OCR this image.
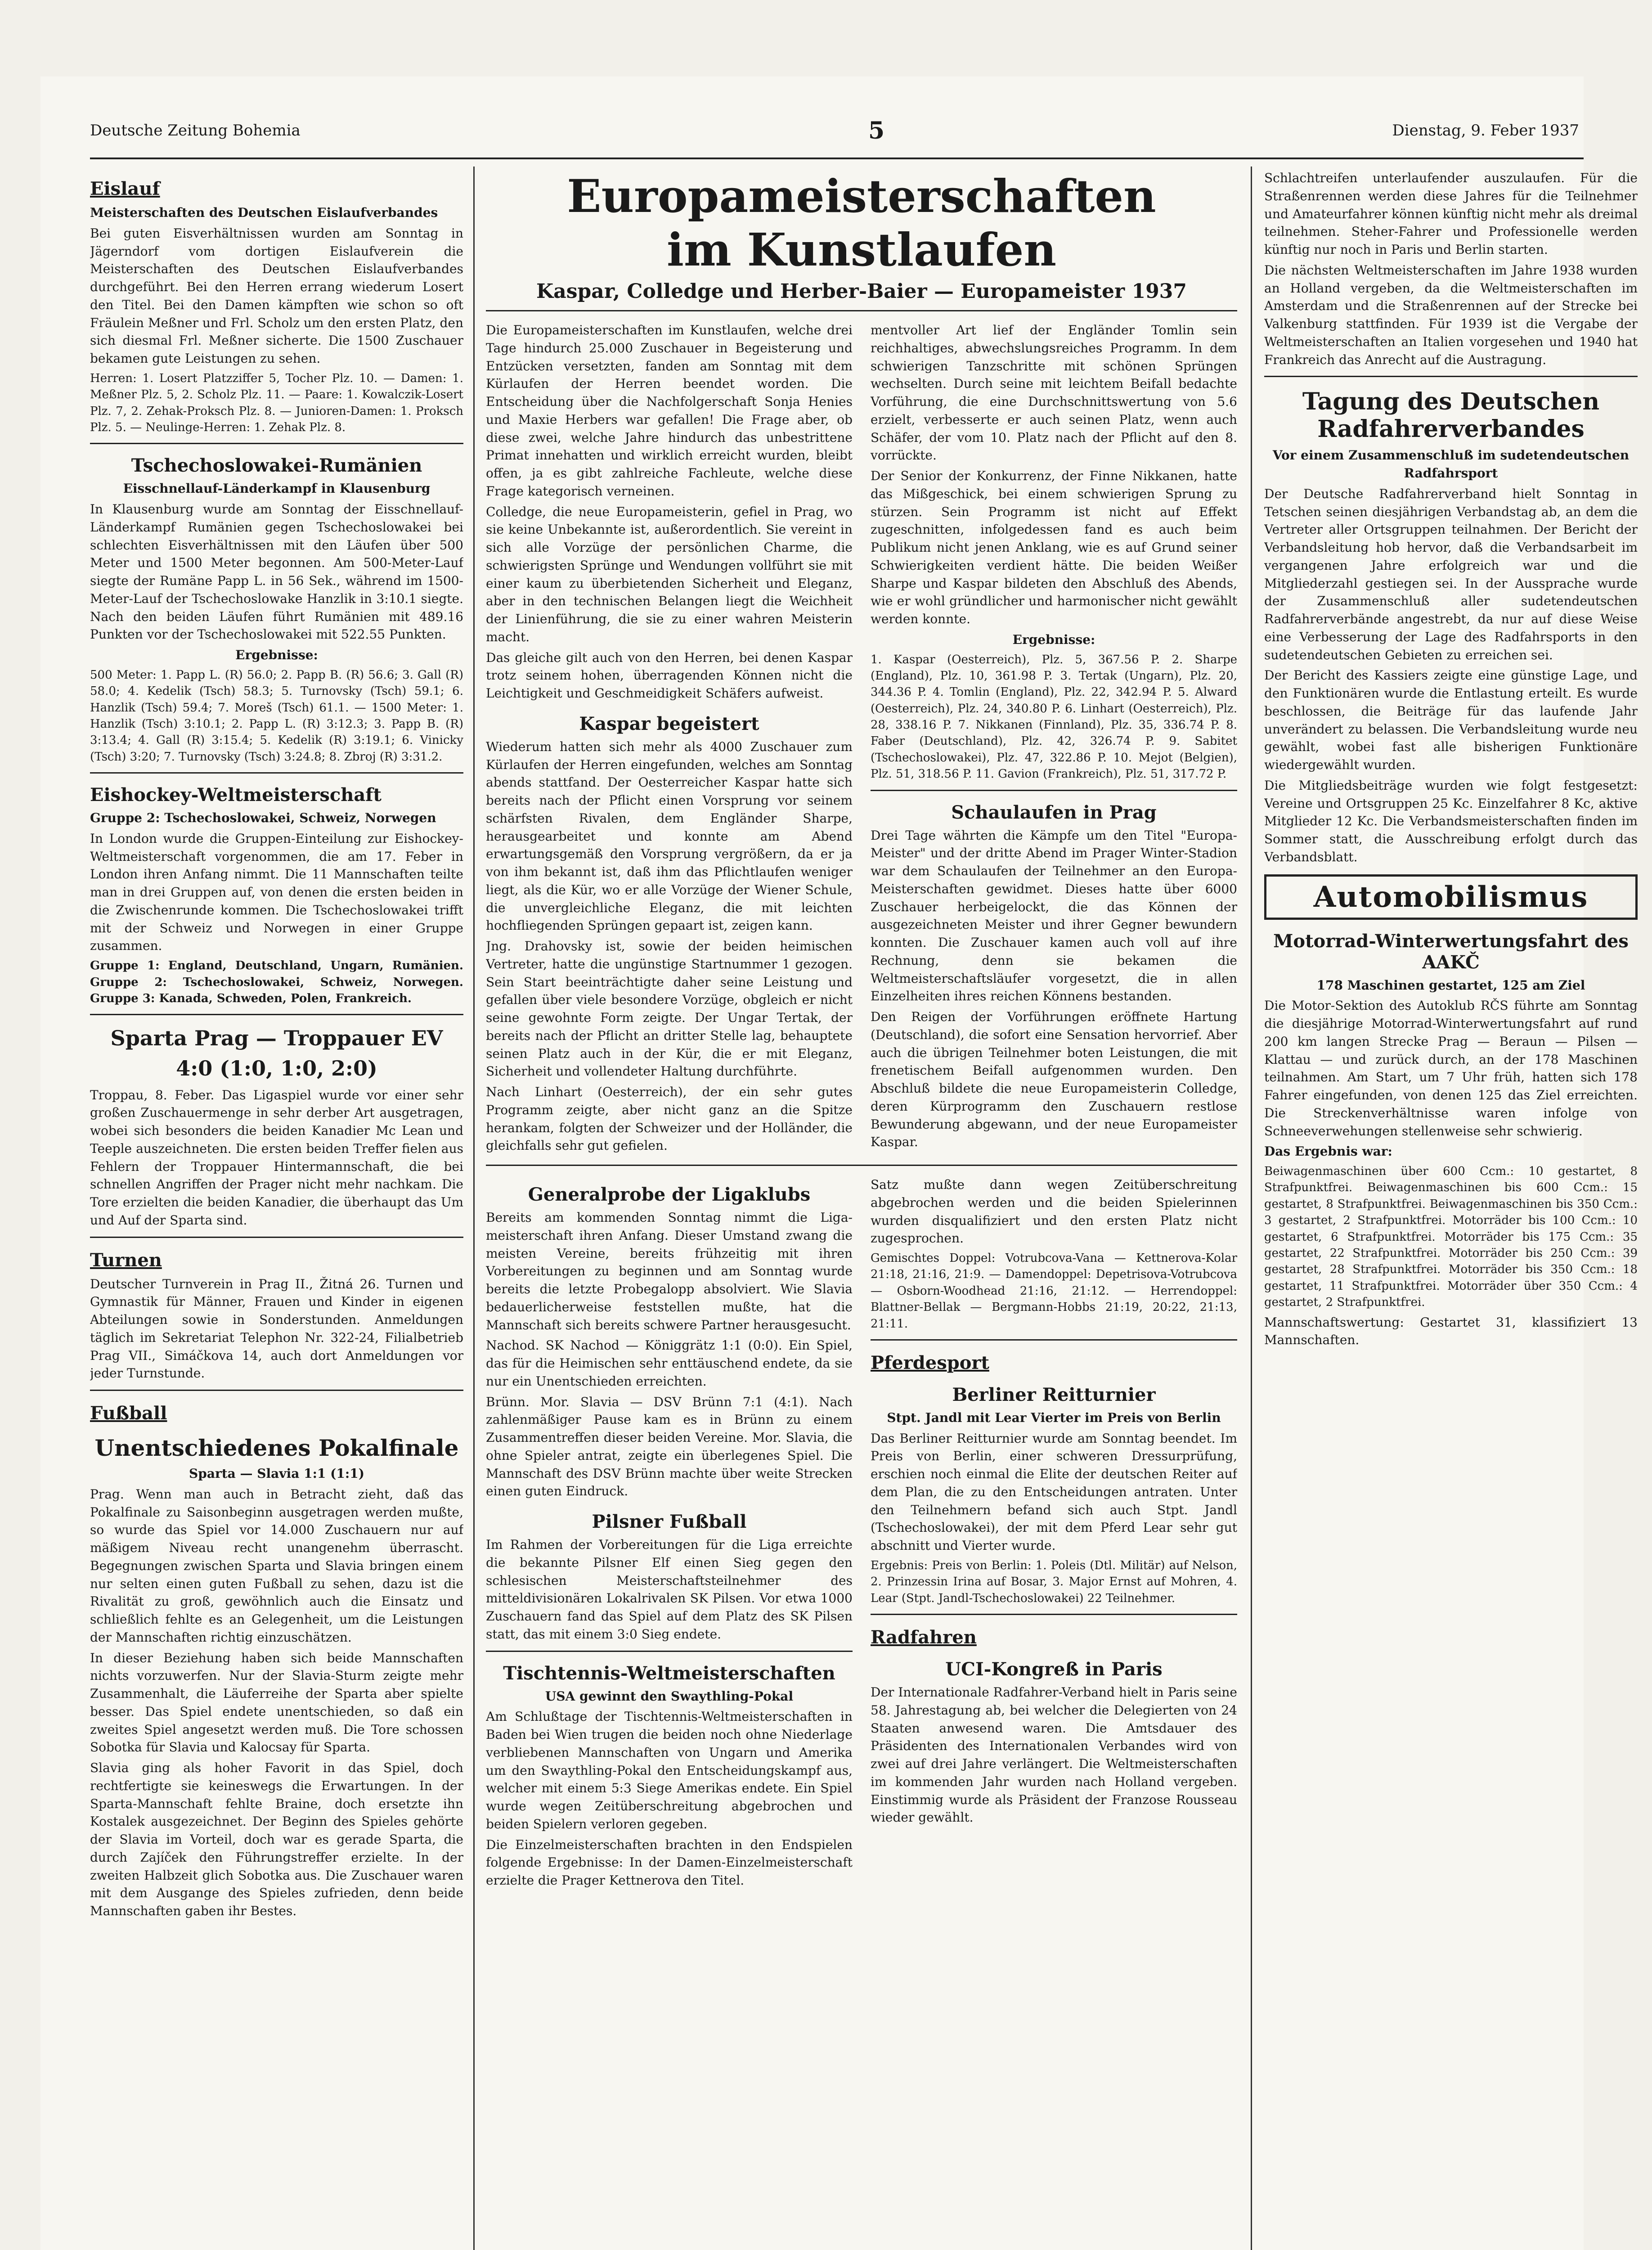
Deutsche Zeitung Bohemia	5	Dienstag, 9. Feber 1937
Eislauf

Meisterschaften des Deutschen Eislaufverbandes

Bei guten Eisverhältnissen wurden am Sonntag in Jägerndorf vom dortigen Eislaufverein die Meisterschaften des Deutschen Eislaufverbandes durchgeführt. Bei den Herren errang wiederum Losert den Titel. Bei den Damen kämpften wie schon so oft Fräulein Meßner und Frl. Scholz um den ersten Platz, den sich diesmal Frl. Meßner sicherte. Die 1500 Zuschauer bekamen gute Leistungen zu sehen.

Herren: 1. Losert Platzziffer 5, Tocher Plz. 10. — Damen: 1. Meßner Plz. 5, 2. Scholz Plz. 11. — Paare: 1. Kowalczik-Losert Plz. 7, 2. Zehak-Proksch Plz. 8. — Junioren-Damen: 1. Proksch Plz. 5. — Neulinge-Herren: 1. Zehak Plz. 8.

Tschechoslowakei-Rumänien

Eisschnellauf-Länderkampf in Klausenburg

In Klausenburg wurde am Sonntag der Eisschnellauf-Länderkampf Rumänien gegen Tschechoslowakei bei schlechten Eisverhältnissen mit den Läufen über 500 Meter und 1500 Meter begonnen. Am 500-Meter-Lauf siegte der Rumäne Papp L. in 56 Sek., während im 1500-Meter-Lauf der Tschechoslowake Hanzlik in 3:10.1 siegte. Nach den beiden Läufen führt Rumänien mit 489.16 Punkten vor der Tschechoslowakei mit 522.55 Punkten.

Ergebnisse:

500 Meter: 1. Papp L. (R) 56.0; 2. Papp B. (R) 56.6; 3. Gall (R) 58.0; 4. Kedelik (Tsch) 58.3; 5. Turnovsky (Tsch) 59.1; 6. Hanzlik (Tsch) 59.4; 7. Moreš (Tsch) 61.1. — 1500 Meter: 1. Hanzlik (Tsch) 3:10.1; 2. Papp L. (R) 3:12.3; 3. Papp B. (R) 3:13.4; 4. Gall (R) 3:15.4; 5. Kedelik (R) 3:19.1; 6. Vinicky (Tsch) 3:20; 7. Turnovsky (Tsch) 3:24.8; 8. Zbroj (R) 3:31.2.

Eishockey-Weltmeisterschaft

Gruppe 2: Tschechoslowakei, Schweiz, Norwegen

In London wurde die Gruppen-Einteilung zur Eishockey-Weltmeisterschaft vorgenommen, die am 17. Feber in London ihren Anfang nimmt. Die 11 Mannschaften teilte man in drei Gruppen auf, von denen die ersten beiden in die Zwischenrunde kommen. Die Tschechoslowakei trifft mit der Schweiz und Norwegen in einer Gruppe zusammen.

Gruppe 1: England, Deutschland, Ungarn, Rumänien. Gruppe 2: Tschechoslowakei, Schweiz, Norwegen. Gruppe 3: Kanada, Schweden, Polen, Frankreich.

Sparta Prag — Troppauer EV

4:0 (1:0, 1:0, 2:0)

Troppau, 8. Feber. Das Ligaspiel wurde vor einer sehr großen Zuschauermenge in sehr derber Art ausgetragen, wobei sich besonders die beiden Kanadier Mc Lean und Teeple auszeichneten. Die ersten beiden Treffer fielen aus Fehlern der Troppauer Hintermannschaft, die bei schnellen Angriffen der Prager nicht mehr nachkam. Die Tore erzielten die beiden Kanadier, die überhaupt das Um und Auf der Sparta sind.

Turnen

Deutscher Turnverein in Prag II., Žitná 26. Turnen und Gymnastik für Männer, Frauen und Kinder in eigenen Abteilungen sowie in Sonderstunden. Anmeldungen täglich im Sekretariat Telephon Nr. 322-24, Filialbetrieb Prag VII., Simáčkova 14, auch dort Anmeldungen vor jeder Turnstunde.

Fußball
Unentschiedenes Pokalfinale

Sparta — Slavia 1:1 (1:1)

Prag. Wenn man auch in Betracht zieht, daß das Pokalfinale zu Saisonbeginn ausgetragen werden mußte, so wurde das Spiel vor 14.000 Zuschauern nur auf mäßigem Niveau recht unangenehm überrascht. Begegnungen zwischen Sparta und Slavia bringen einem nur selten einen guten Fußball zu sehen, dazu ist die Rivalität zu groß, gewöhnlich auch die Einsatz und schließlich fehlte es an Gelegenheit, um die Leistungen der Mannschaften richtig einzuschätzen.

In dieser Beziehung haben sich beide Mannschaften nichts vorzuwerfen. Nur der Slavia-Sturm zeigte mehr Zusammenhalt, die Läuferreihe der Sparta aber spielte besser. Das Spiel endete unentschieden, so daß ein zweites Spiel angesetzt werden muß. Die Tore schossen Sobotka für Slavia und Kalocsay für Sparta.

Slavia ging als hoher Favorit in das Spiel, doch rechtfertigte sie keineswegs die Erwartungen. In der Sparta-Mannschaft fehlte Braine, doch ersetzte ihn Kostalek ausgezeichnet. Der Beginn des Spieles gehörte der Slavia im Vorteil, doch war es gerade Sparta, die durch Zajíček den Führungstreffer erzielte. In der zweiten Halbzeit glich Sobotka aus. Die Zuschauer waren mit dem Ausgange des Spieles zufrieden, denn beide Mannschaften gaben ihr Bestes.

Europameisterschaften
im Kunstlaufen
Kaspar, Colledge und Herber-Baier — Europameister 1937

Die Europameisterschaften im Kunstlaufen, welche drei Tage hindurch 25.000 Zuschauer in Begeisterung und Entzücken versetzten, fanden am Sonntag mit dem Kürlaufen der Herren beendet worden. Die Entscheidung über die Nachfolgerschaft Sonja Henies und Maxie Herbers war gefallen! Die Frage aber, ob diese zwei, welche Jahre hindurch das unbestrittene Primat innehatten und wirklich erreicht wurden, bleibt offen, ja es gibt zahlreiche Fachleute, welche diese Frage kategorisch verneinen.

Colledge, die neue Europameisterin, gefiel in Prag, wo sie keine Unbekannte ist, außerordentlich. Sie vereint in sich alle Vorzüge der persönlichen Charme, die schwierigsten Sprünge und Wendungen vollführt sie mit einer kaum zu überbietenden Sicherheit und Eleganz, aber in den technischen Belangen liegt die Weichheit der Linienführung, die sie zu einer wahren Meisterin macht.

Das gleiche gilt auch von den Herren, bei denen Kaspar trotz seinem hohen, überragenden Können nicht die Leichtigkeit und Geschmeidigkeit Schäfers aufweist.

Kaspar begeistert

Wiederum hatten sich mehr als 4000 Zuschauer zum Kürlaufen der Herren eingefunden, welches am Sonntag abends stattfand. Der Oesterreicher Kaspar hatte sich bereits nach der Pflicht einen Vorsprung vor seinem schärfsten Rivalen, dem Engländer Sharpe, herausgearbeitet und konnte am Abend erwartungsgemäß den Vorsprung vergrößern, da er ja von ihm bekannt ist, daß ihm das Pflichtlaufen weniger liegt, als die Kür, wo er alle Vorzüge der Wiener Schule, die unvergleichliche Eleganz, die mit leichten hochfliegenden Sprüngen gepaart ist, zeigen kann.

Jng. Drahovsky ist, sowie der beiden heimischen Vertreter, hatte die ungünstige Startnummer 1 gezogen. Sein Start beeinträchtigte daher seine Leistung und gefallen über viele besondere Vorzüge, obgleich er nicht seine gewohnte Form zeigte. Der Ungar Tertak, der bereits nach der Pflicht an dritter Stelle lag, behauptete seinen Platz auch in der Kür, die er mit Eleganz, Sicherheit und vollendeter Haltung durchführte.

Nach Linhart (Oesterreich), der ein sehr gutes Programm zeigte, aber nicht ganz an die Spitze herankam, folgten der Schweizer und der Holländer, die gleichfalls sehr gut gefielen.

mentvoller Art lief der Engländer Tomlin sein reichhaltiges, abwechslungsreiches Programm. In dem schwierigen Tanzschritte mit schönen Sprüngen wechselten. Durch seine mit leichtem Beifall bedachte Vorführung, die eine Durchschnittswertung von 5.6 erzielt, verbesserte er auch seinen Platz, wenn auch Schäfer, der vom 10. Platz nach der Pflicht auf den 8. vorrückte.

Der Senior der Konkurrenz, der Finne Nikkanen, hatte das Mißgeschick, bei einem schwierigen Sprung zu stürzen. Sein Programm ist nicht auf Effekt zugeschnitten, infolgedessen fand es auch beim Publikum nicht jenen Anklang, wie es auf Grund seiner Schwierigkeiten verdient hätte. Die beiden Weißer Sharpe und Kaspar bildeten den Abschluß des Abends, wie er wohl gründlicher und harmonischer nicht gewählt werden konnte.

Ergebnisse:

1. Kaspar (Oesterreich), Plz. 5, 367.56 P. 2. Sharpe (England), Plz. 10, 361.98 P. 3. Tertak (Ungarn), Plz. 20, 344.36 P. 4. Tomlin (England), Plz. 22, 342.94 P. 5. Alward (Oesterreich), Plz. 24, 340.80 P. 6. Linhart (Oesterreich), Plz. 28, 338.16 P. 7. Nikkanen (Finnland), Plz. 35, 336.74 P. 8. Faber (Deutschland), Plz. 42, 326.74 P. 9. Sabitet (Tschechoslowakei), Plz. 47, 322.86 P. 10. Mejot (Belgien), Plz. 51, 318.56 P. 11. Gavion (Frankreich), Plz. 51, 317.72 P.

Schaulaufen in Prag

Drei Tage währten die Kämpfe um den Titel "Europa-Meister" und der dritte Abend im Prager Winter-Stadion war dem Schaulaufen der Teilnehmer an den Europa-Meisterschaften gewidmet. Dieses hatte über 6000 Zuschauer herbeigelockt, die das Können der ausgezeichneten Meister und ihrer Gegner bewundern konnten. Die Zuschauer kamen auch voll auf ihre Rechnung, denn sie bekamen die Weltmeisterschaftsläufer vorgesetzt, die in allen Einzelheiten ihres reichen Könnens bestanden.

Den Reigen der Vorführungen eröffnete Hartung (Deutschland), die sofort eine Sensation hervorrief. Aber auch die übrigen Teilnehmer boten Leistungen, die mit frenetischem Beifall aufgenommen wurden. Den Abschluß bildete die neue Europameisterin Colledge, deren Kürprogramm den Zuschauern restlose Bewunderung abgewann, und der neue Europameister Kaspar.

Generalprobe der Ligaklubs

Bereits am kommenden Sonntag nimmt die Liga-meisterschaft ihren Anfang. Dieser Umstand zwang die meisten Vereine, bereits frühzeitig mit ihren Vorbereitungen zu beginnen und am Sonntag wurde bereits die letzte Probegalopp absolviert. Wie Slavia bedauerlicherweise feststellen mußte, hat die Mannschaft sich bereits schwere Partner herausgesucht.

Nachod. SK Nachod — Königgrätz 1:1 (0:0). Ein Spiel, das für die Heimischen sehr enttäuschend endete, da sie nur ein Unentschieden erreichten.

Brünn. Mor. Slavia — DSV Brünn 7:1 (4:1). Nach zahlenmäßiger Pause kam es in Brünn zu einem Zusammentreffen dieser beiden Vereine. Mor. Slavia, die ohne Spieler antrat, zeigte ein überlegenes Spiel. Die Mannschaft des DSV Brünn machte über weite Strecken einen guten Eindruck.

Pilsner Fußball

Im Rahmen der Vorbereitungen für die Liga erreichte die bekannte Pilsner Elf einen Sieg gegen den schlesischen Meisterschaftsteilnehmer des mitteldivisionären Lokalrivalen SK Pilsen. Vor etwa 1000 Zuschauern fand das Spiel auf dem Platz des SK Pilsen statt, das mit einem 3:0 Sieg endete.

Tischtennis-Weltmeisterschaften

USA gewinnt den Swaythling-Pokal

Am Schlußtage der Tischtennis-Weltmeisterschaften in Baden bei Wien trugen die beiden noch ohne Niederlage verbliebenen Mannschaften von Ungarn und Amerika um den Swaythling-Pokal den Entscheidungskampf aus, welcher mit einem 5:3 Siege Amerikas endete. Ein Spiel wurde wegen Zeitüberschreitung abgebrochen und beiden Spielern verloren gegeben.

Die Einzelmeisterschaften brachten in den Endspielen folgende Ergebnisse: In der Damen-Einzelmeisterschaft erzielte die Prager Kettnerova den Titel.

Satz mußte dann wegen Zeitüberschreitung abgebrochen werden und die beiden Spielerinnen wurden disqualifiziert und den ersten Platz nicht zugesprochen.

Gemischtes Doppel: Votrubcova-Vana — Kettnerova-Kolar 21:18, 21:16, 21:9. — Damendoppel: Depetrisova-Votrubcova — Osborn-Woodhead 21:16, 21:12. — Herrendoppel: Blattner-Bellak — Bergmann-Hobbs 21:19, 20:22, 21:13, 21:11.

Pferdesport
Berliner Reitturnier

Stpt. Jandl mit Lear Vierter im Preis von Berlin

Das Berliner Reitturnier wurde am Sonntag beendet. Im Preis von Berlin, einer schweren Dressurprüfung, erschien noch einmal die Elite der deutschen Reiter auf dem Plan, die zu den Entscheidungen antraten. Unter den Teilnehmern befand sich auch Stpt. Jandl (Tschechoslowakei), der mit dem Pferd Lear sehr gut abschnitt und Vierter wurde.

Ergebnis: Preis von Berlin: 1. Poleis (Dtl. Militär) auf Nelson, 2. Prinzessin Irina auf Bosar, 3. Major Ernst auf Mohren, 4. Lear (Stpt. Jandl-Tschechoslowakei) 22 Teilnehmer.

Radfahren
UCI-Kongreß in Paris

Der Internationale Radfahrer-Verband hielt in Paris seine 58. Jahrestagung ab, bei welcher die Delegierten von 24 Staaten anwesend waren. Die Amtsdauer des Präsidenten des Internationalen Verbandes wird von zwei auf drei Jahre verlängert. Die Weltmeisterschaften im kommenden Jahr wurden nach Holland vergeben. Einstimmig wurde als Präsident der Franzose Rousseau wieder gewählt.

Schlachtreifen unterlaufender auszulaufen. Für die Straßenrennen werden diese Jahres für die Teilnehmer und Amateurfahrer können künftig nicht mehr als dreimal teilnehmen. Steher-Fahrer und Professionelle werden künftig nur noch in Paris und Berlin starten.

Die nächsten Weltmeisterschaften im Jahre 1938 wurden an Holland vergeben, da die Weltmeisterschaften im Amsterdam und die Straßenrennen auf der Strecke bei Valkenburg stattfinden. Für 1939 ist die Vergabe der Weltmeisterschaften an Italien vorgesehen und 1940 hat Frankreich das Anrecht auf die Austragung.

Tagung des Deutschen
Radfahrerverbandes

Vor einem Zusammenschluß im sudetendeutschen Radfahrsport

Der Deutsche Radfahrerverband hielt Sonntag in Tetschen seinen diesjährigen Verbandstag ab, an dem die Vertreter aller Ortsgruppen teilnahmen. Der Bericht der Verbandsleitung hob hervor, daß die Verbandsarbeit im vergangenen Jahre erfolgreich war und die Mitgliederzahl gestiegen sei. In der Aussprache wurde der Zusammenschluß aller sudetendeutschen Radfahrerverbände angestrebt, da nur auf diese Weise eine Verbesserung der Lage des Radfahrsports in den sudetendeutschen Gebieten zu erreichen sei.

Der Bericht des Kassiers zeigte eine günstige Lage, und den Funktionären wurde die Entlastung erteilt. Es wurde beschlossen, die Beiträge für das laufende Jahr unverändert zu belassen. Die Verbandsleitung wurde neu gewählt, wobei fast alle bisherigen Funktionäre wiedergewählt wurden.

Die Mitgliedsbeiträge wurden wie folgt festgesetzt: Vereine und Ortsgruppen 25 Kc. Einzelfahrer 8 Kc, aktive Mitglieder 12 Kc. Die Verbandsmeisterschaften finden im Sommer statt, die Ausschreibung erfolgt durch das Verbandsblatt.

Automobilismus
Motorrad-Winterwertungsfahrt des AAKČ

178 Maschinen gestartet, 125 am Ziel

Die Motor-Sektion des Autoklub RČS führte am Sonntag die diesjährige Motorrad-Winterwertungsfahrt auf rund 200 km langen Strecke Prag — Beraun — Pilsen — Klattau — und zurück durch, an der 178 Maschinen teilnahmen. Am Start, um 7 Uhr früh, hatten sich 178 Fahrer eingefunden, von denen 125 das Ziel erreichten. Die Streckenverhältnisse waren infolge von Schneeverwehungen stellenweise sehr schwierig.

Das Ergebnis war:

Beiwagenmaschinen über 600 Ccm.: 10 gestartet, 8 Strafpunktfrei. Beiwagenmaschinen bis 600 Ccm.: 15 gestartet, 8 Strafpunktfrei. Beiwagenmaschinen bis 350 Ccm.: 3 gestartet, 2 Strafpunktfrei. Motorräder bis 100 Ccm.: 10 gestartet, 6 Strafpunktfrei. Motorräder bis 175 Ccm.: 35 gestartet, 22 Strafpunktfrei. Motorräder bis 250 Ccm.: 39 gestartet, 28 Strafpunktfrei. Motorräder bis 350 Ccm.: 18 gestartet, 11 Strafpunktfrei. Motorräder über 350 Ccm.: 4 gestartet, 2 Strafpunktfrei.

Mannschaftswertung: Gestartet 31, klassifiziert 13 Mannschaften.
